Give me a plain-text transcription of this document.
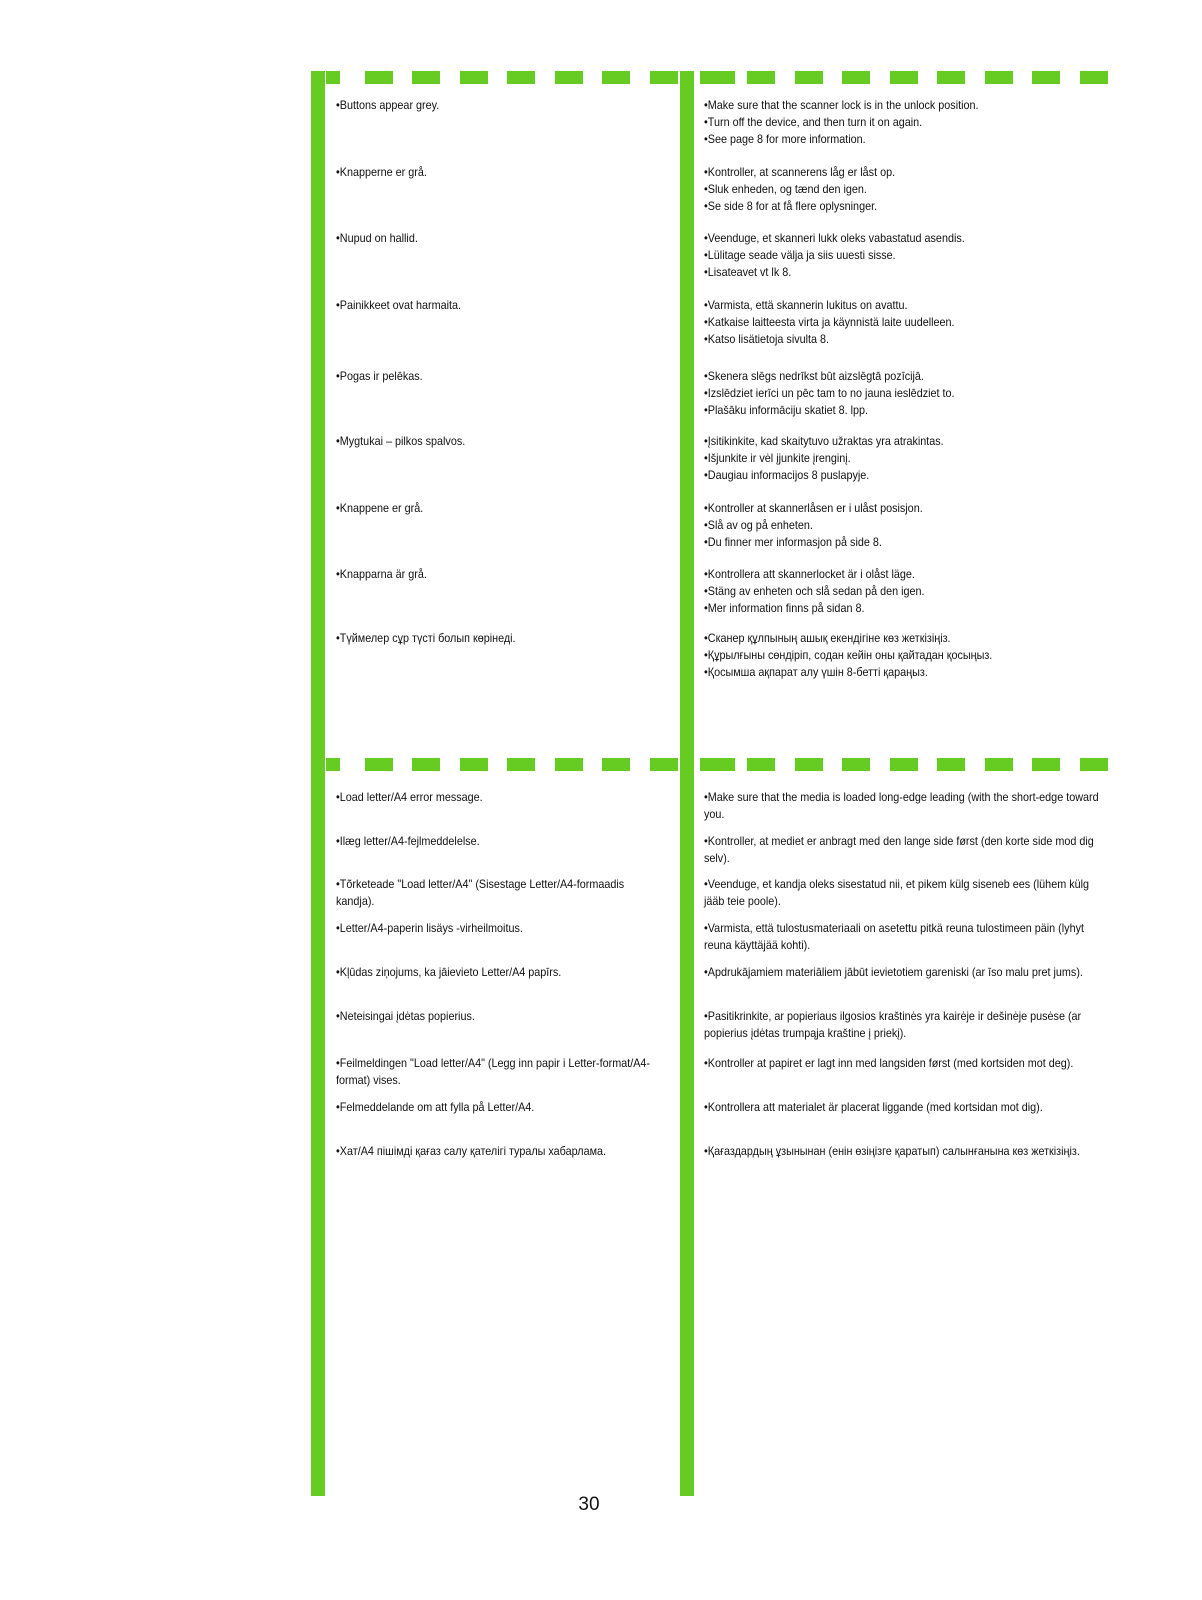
•Buttons appear grey.
•Knapperne er grå.
•Nupud on hallid.
•Painikkeet ovat harmaita.
•Pogas ir pelēkas.
•Mygtukai – pilkos spalvos.
•Knappene er grå.
•Knapparna är grå.
•Түймелер сұр түсті болып көрінеді.

•Make sure that the scanner lock is in the unlock position.

•Turn off the device, and then turn it on again.

•See page 8 for more information.

•Kontroller, at scannerens låg er låst op.

•Sluk enheden, og tænd den igen.

•Se side 8 for at få flere oplysninger.

•Veenduge, et skanneri lukk oleks vabastatud asendis.

•Lülitage seade välja ja siis uuesti sisse.

•Lisateavet vt lk 8.

•Varmista, että skannerin lukitus on avattu.

•Katkaise laitteesta virta ja käynnistä laite uudelleen.

•Katso lisätietoja sivulta 8.

•Skenera slēgs nedrīkst būt aizslēgtā pozīcijā.

•Izslēdziet ierīci un pēc tam to no jauna ieslēdziet to.

•Plašāku informāciju skatiet 8. lpp.

•Įsitikinkite, kad skaitytuvo užraktas yra atrakintas.

•Išjunkite ir vėl įjunkite įrenginį.

•Daugiau informacijos 8 puslapyje.

•Kontroller at skannerlåsen er i ulåst posisjon.

•Slå av og på enheten.

•Du finner mer informasjon på side 8.

•Kontrollera att skannerlocket är i olåst läge.

•Stäng av enheten och slå sedan på den igen.

•Mer information finns på sidan 8.

•Сканер құлпының ашық екендігіне көз жеткізіңіз.

•Құрылғыны сөндіріп, содан кейін оны қайтадан қосыңыз.

•Қосымша ақпарат алу үшін 8-бетті қараңыз.

•Load letter/A4 error message.
•Ilæg letter/A4-fejlmeddelelse.
•Tõrketeade "Load letter/A4" (Sisestage Letter/A4-formaadis kandja).
•Letter/A4-paperin lisäys -virheilmoitus.
•Kļūdas ziņojums, ka jāievieto Letter/A4 papīrs.
•Neteisingai įdėtas popierius.
•Feilmeldingen "Load letter/A4" (Legg inn papir i Letter-format/A4-format) vises.
•Felmeddelande om att fylla på Letter/A4.
•Хат/А4 пішімді қағаз салу қателігі туралы хабарлама.
•Make sure that the media is loaded long-edge leading (with the short-edge toward you.
•Kontroller, at mediet er anbragt med den lange side først (den korte side mod dig selv).
•Veenduge, et kandja oleks sisestatud nii, et pikem külg siseneb ees (lühem külg jääb teie poole).
•Varmista, että tulostusmateriaali on asetettu pitkä reuna tulostimeen päin (lyhyt reuna käyttäjää kohti).
•Apdrukājamiem materiāliem jābūt ievietotiem gareniski (ar īso malu pret jums).
•Pasitikrinkite, ar popieriaus ilgosios kraštinės yra kairėje ir dešinėje pusėse (ar popierius įdėtas trumpąja kraštine į priekį).
•Kontroller at papiret er lagt inn med langsiden først (med kortsiden mot deg).
•Kontrollera att materialet är placerat liggande (med kortsidan mot dig).
•Қағаздардың ұзынынан (енін өзіңізге қаратып) салынғанына көз жеткізіңіз.
30
